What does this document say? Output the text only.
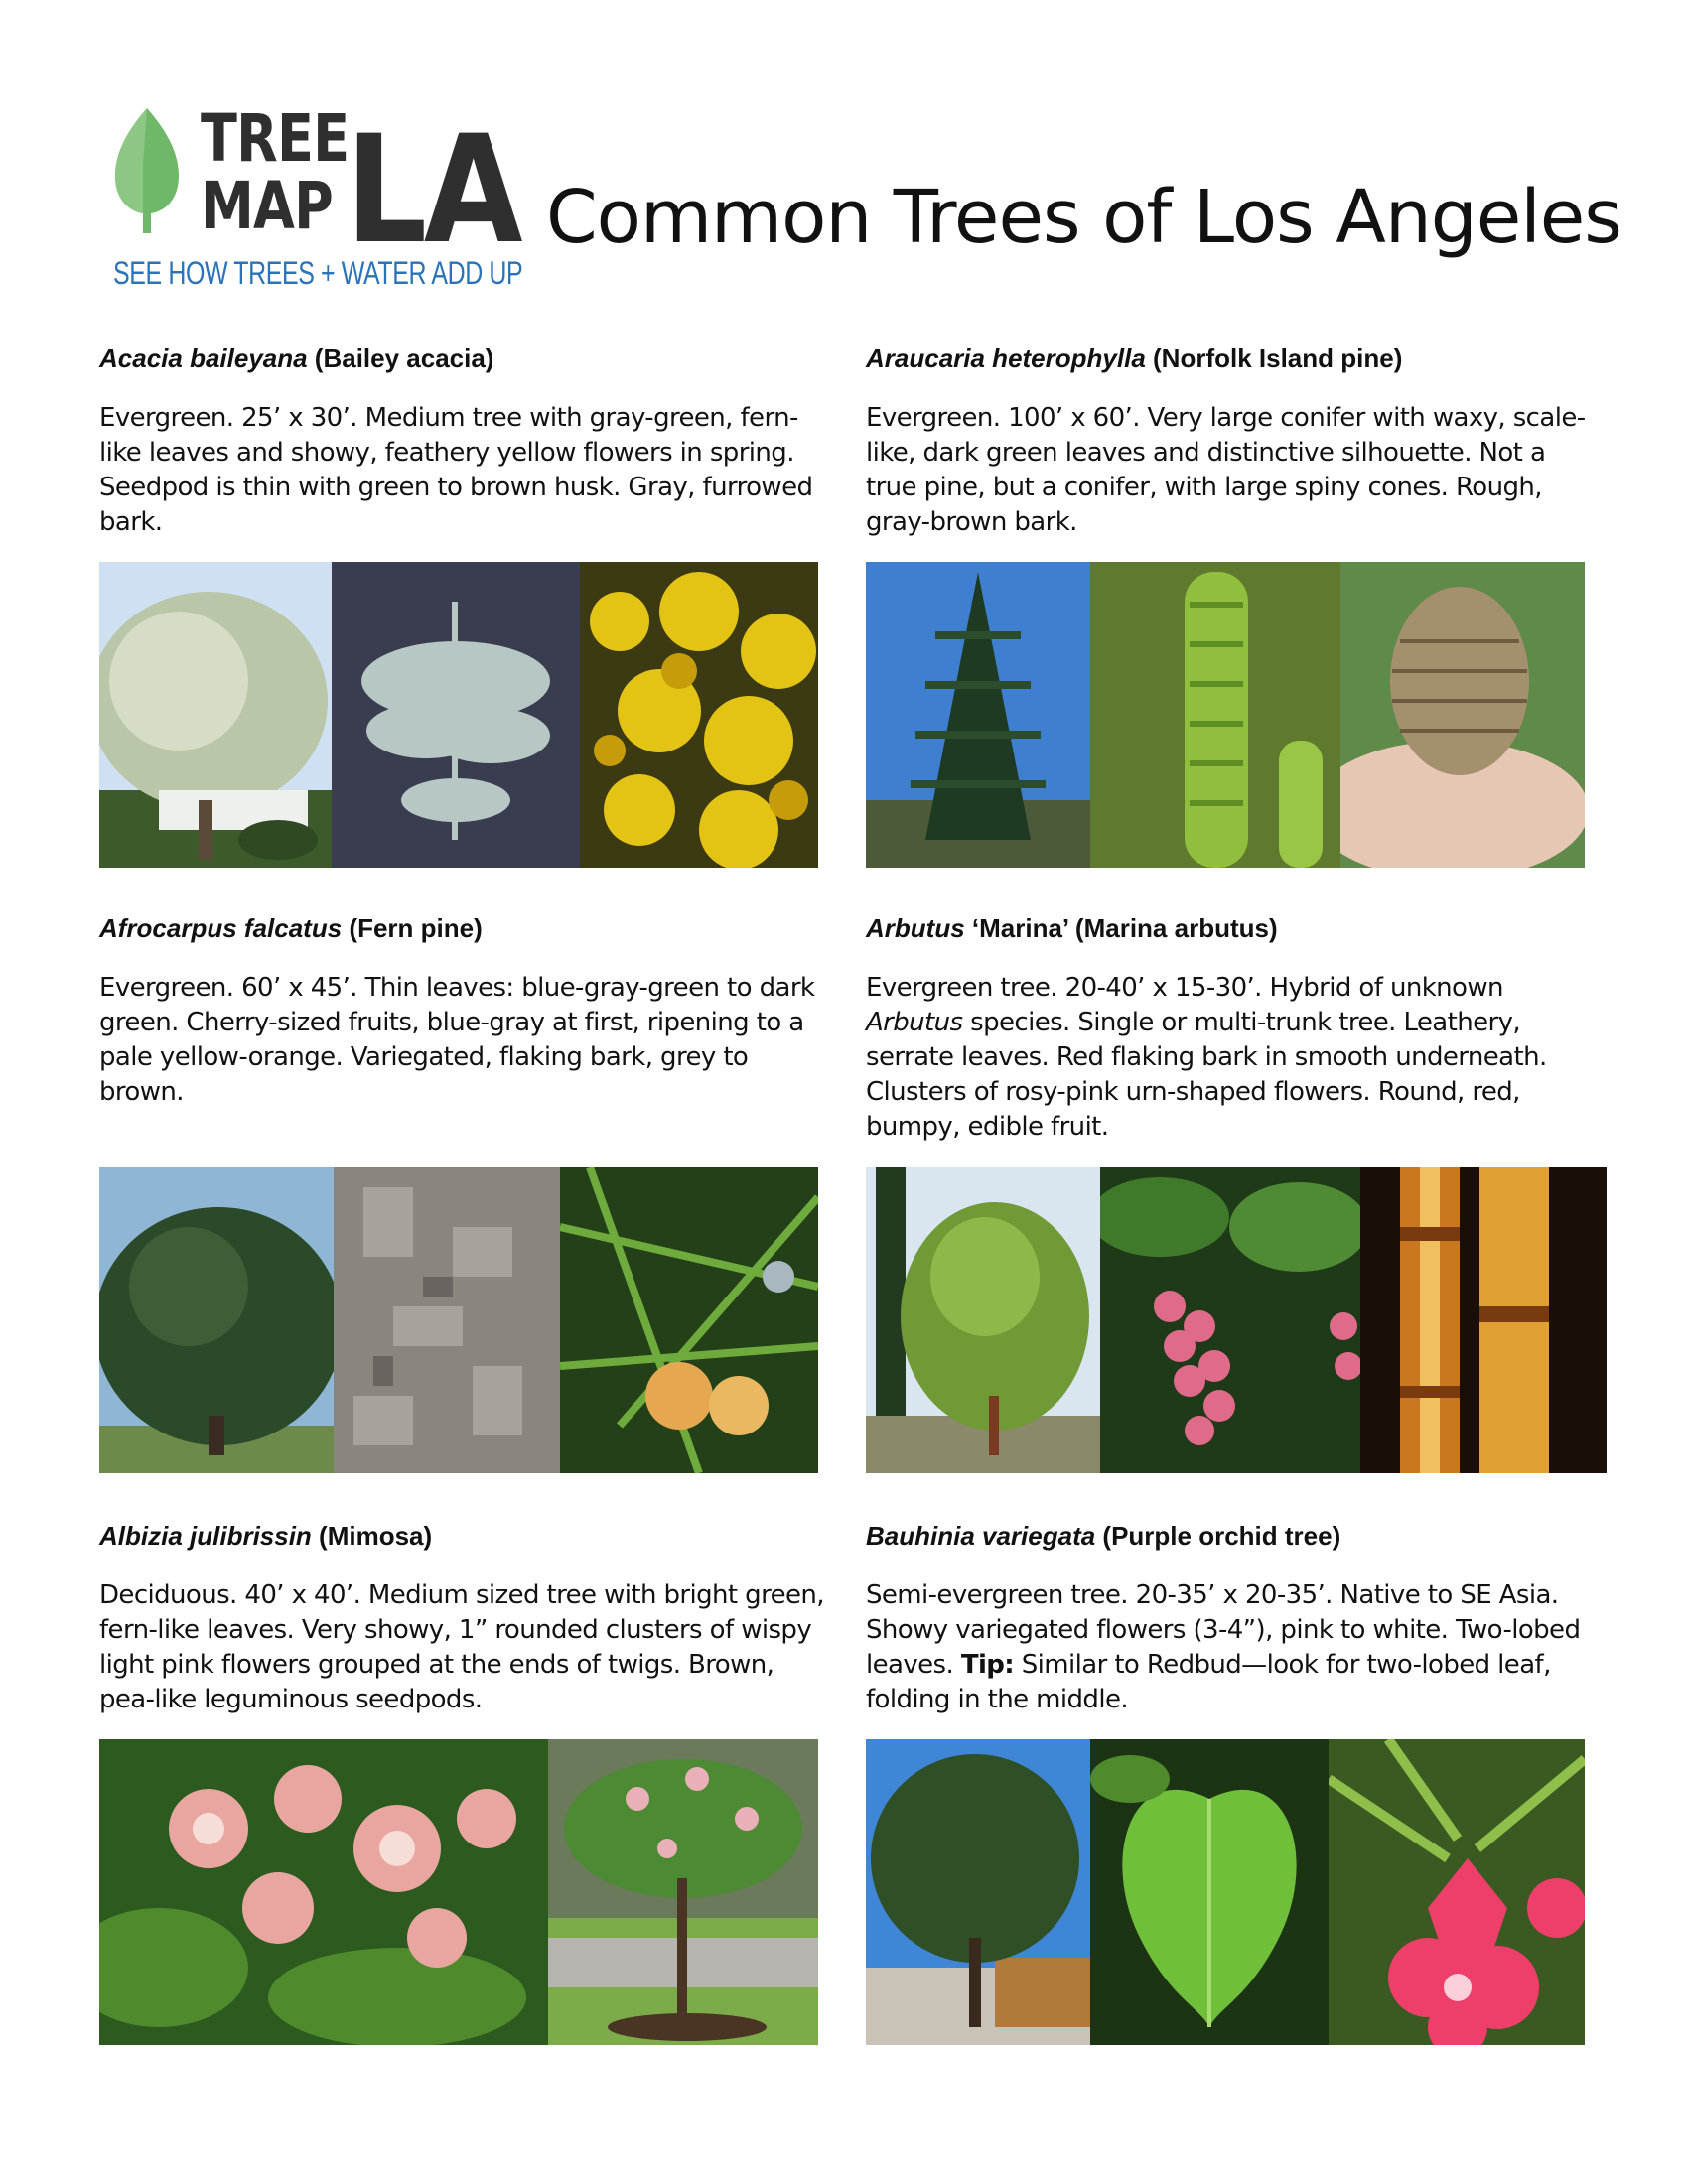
TREE
MAP LA
SEE HOW TREES + WATER ADD UP
Common Trees of Los Angeles

Acacia baileyana (Bailey acacia)

Evergreen. 25’ x 30’. Medium tree with gray-green, fern-like leaves and showy, feathery yellow flowers in spring. Seedpod is thin with green to brown husk. Gray, furrowed bark.

Araucaria heterophylla (Norfolk Island pine)

Evergreen. 100’ x 60’. Very large conifer with waxy, scale-like, dark green leaves and distinctive silhouette. Not a true pine, but a conifer, with large spiny cones. Rough, gray-brown bark.

Afrocarpus falcatus (Fern pine)

Evergreen. 60’ x 45’. Thin leaves: blue-gray-green to dark green. Cherry-sized fruits, blue-gray at first, ripening to a pale yellow-orange. Variegated, flaking bark, grey to brown.

Arbutus ‘Marina’ (Marina arbutus)

Evergreen tree. 20-40’ x 15-30’. Hybrid of unknown Arbutus species. Single or multi-trunk tree. Leathery, serrate leaves. Red flaking bark in smooth underneath. Clusters of rosy-pink urn-shaped flowers. Round, red, bumpy, edible fruit.

Albizia julibrissin (Mimosa)

Deciduous. 40’ x 40’. Medium sized tree with bright green, fern-like leaves. Very showy, 1” rounded clusters of wispy light pink flowers grouped at the ends of twigs. Brown, pea-like leguminous seedpods.

Bauhinia variegata (Purple orchid tree)

Semi-evergreen tree. 20-35’ x 20-35’. Native to SE Asia. Showy variegated flowers (3-4”), pink to white. Two-lobed leaves. Tip: Similar to Redbud—look for two-lobed leaf, folding in the middle.
